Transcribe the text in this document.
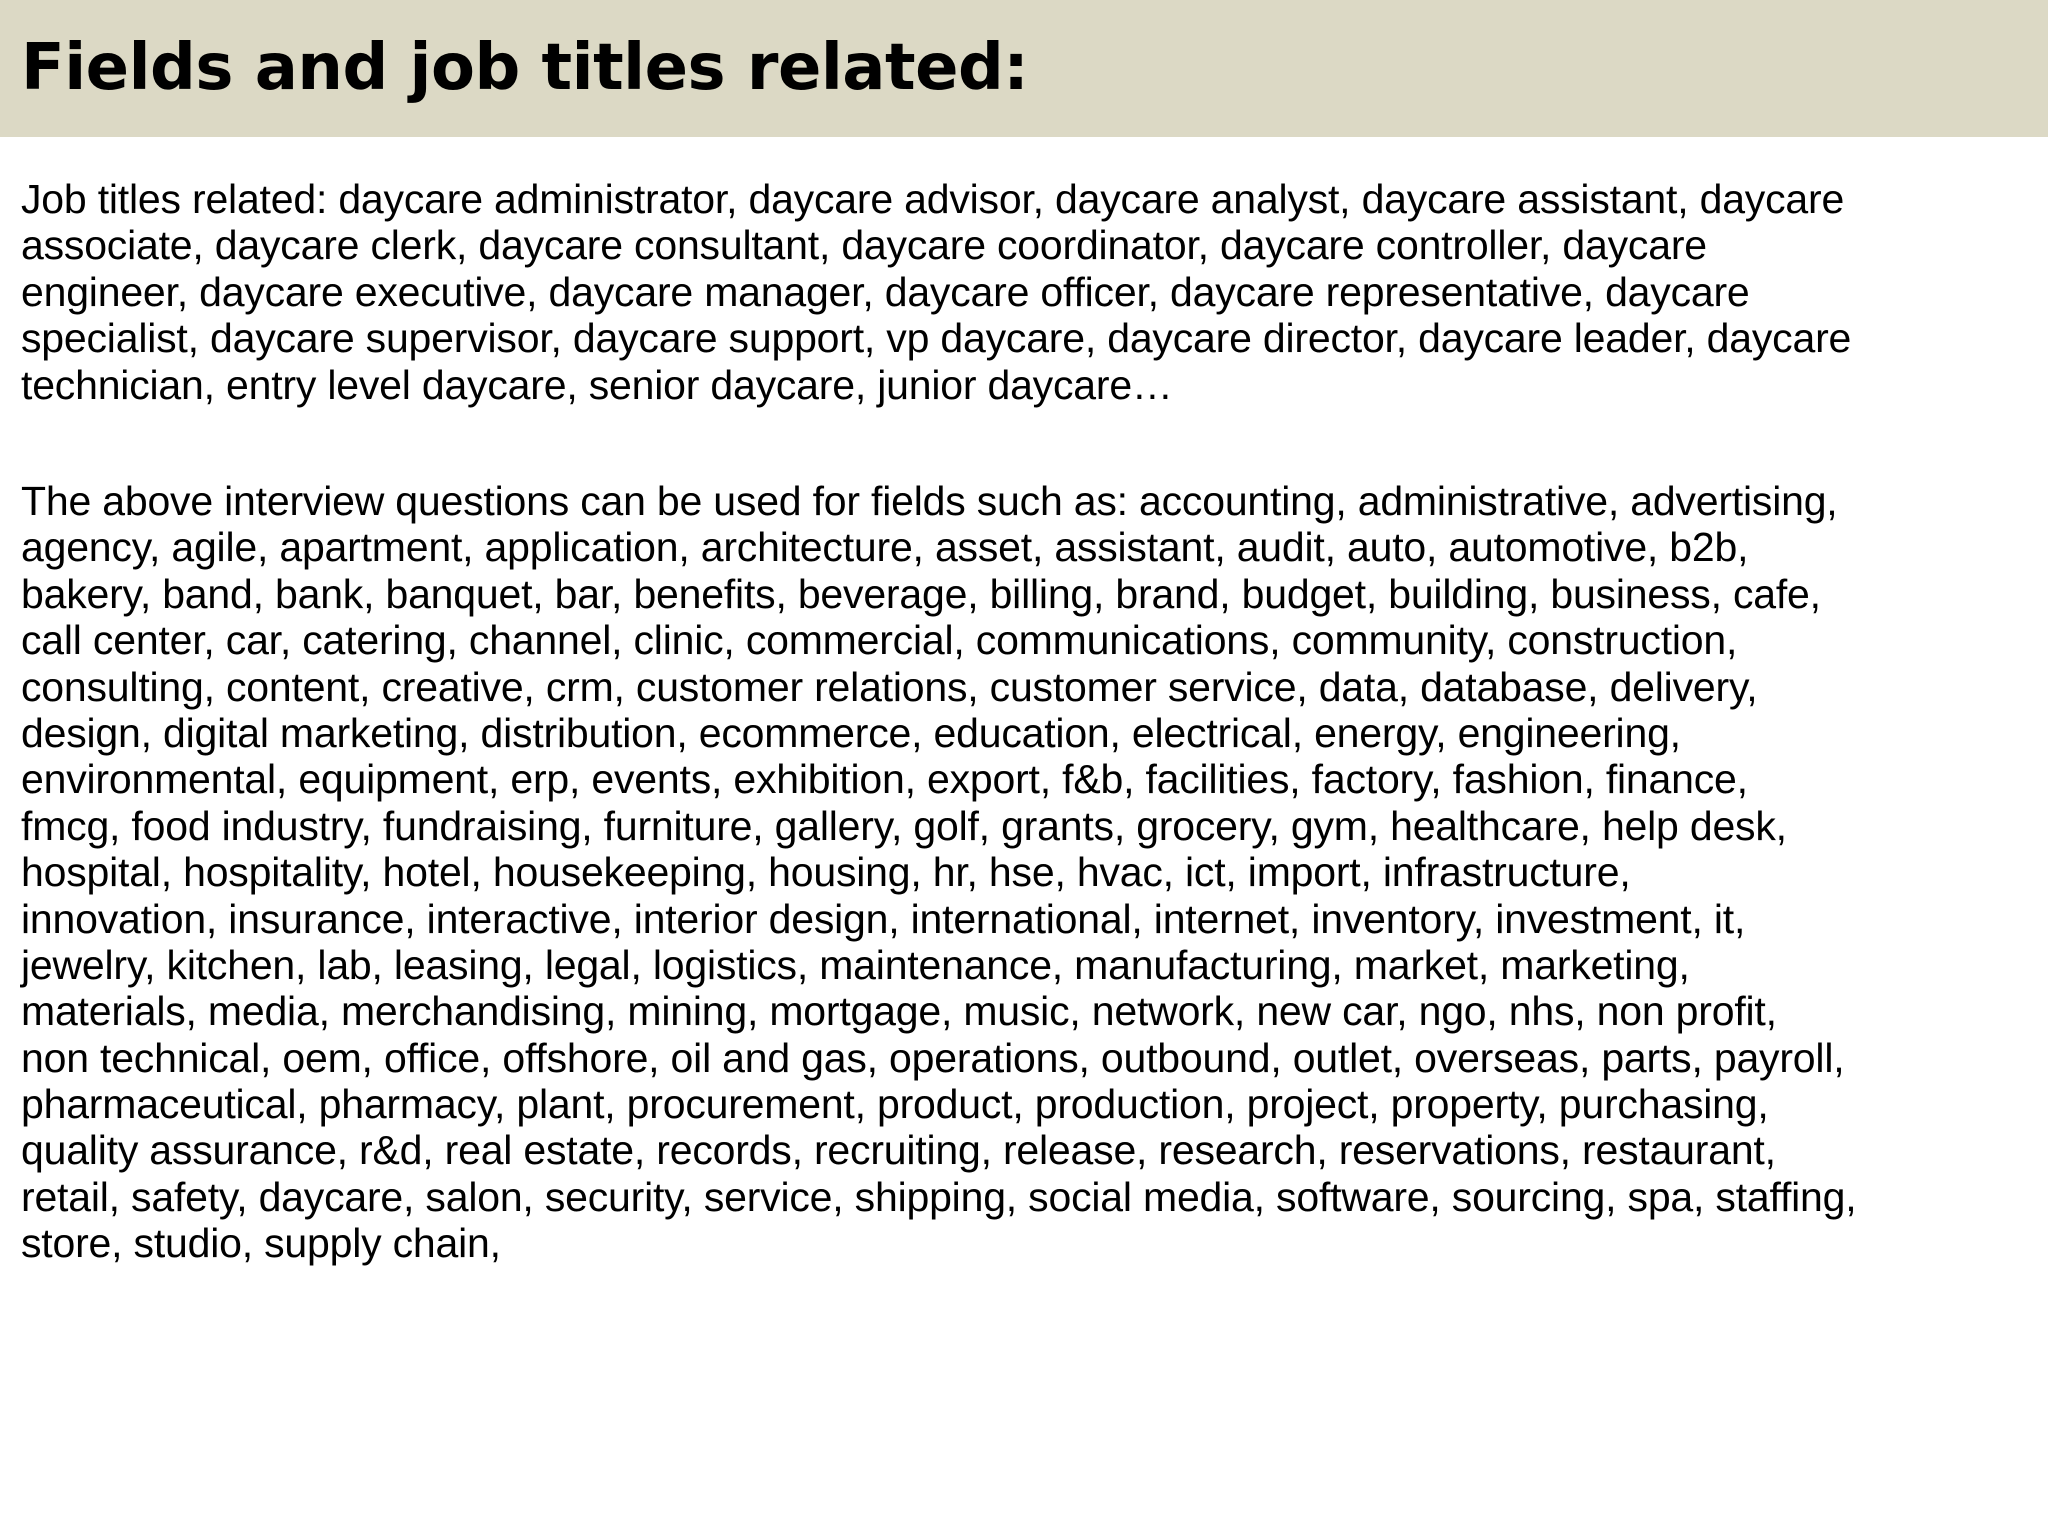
Fields and job titles related:

Job titles related: daycare administrator, daycare advisor, daycare analyst, daycare assistant, daycare
associate, daycare clerk, daycare consultant, daycare coordinator, daycare controller, daycare
engineer, daycare executive, daycare manager, daycare officer, daycare representative, daycare
specialist, daycare supervisor, daycare support, vp daycare, daycare director, daycare leader, daycare
technician, entry level daycare, senior daycare, junior daycare…

The above interview questions can be used for fields such as: accounting, administrative, advertising,
agency, agile, apartment, application, architecture, asset, assistant, audit, auto, automotive, b2b,
bakery, band, bank, banquet, bar, benefits, beverage, billing, brand, budget, building, business, cafe,
call center, car, catering, channel, clinic, commercial, communications, community, construction,
consulting, content, creative, crm, customer relations, customer service, data, database, delivery,
design, digital marketing, distribution, ecommerce, education, electrical, energy, engineering,
environmental, equipment, erp, events, exhibition, export, f&b, facilities, factory, fashion, finance,
fmcg, food industry, fundraising, furniture, gallery, golf, grants, grocery, gym, healthcare, help desk,
hospital, hospitality, hotel, housekeeping, housing, hr, hse, hvac, ict, import, infrastructure,
innovation, insurance, interactive, interior design, international, internet, inventory, investment, it,
jewelry, kitchen, lab, leasing, legal, logistics, maintenance, manufacturing, market, marketing,
materials, media, merchandising, mining, mortgage, music, network, new car, ngo, nhs, non profit,
non technical, oem, office, offshore, oil and gas, operations, outbound, outlet, overseas, parts, payroll,
pharmaceutical, pharmacy, plant, procurement, product, production, project, property, purchasing,
quality assurance, r&d, real estate, records, recruiting, release, research, reservations, restaurant,
retail, safety, daycare, salon, security, service, shipping, social media, software, sourcing, spa, staffing,
store, studio, supply chain,
